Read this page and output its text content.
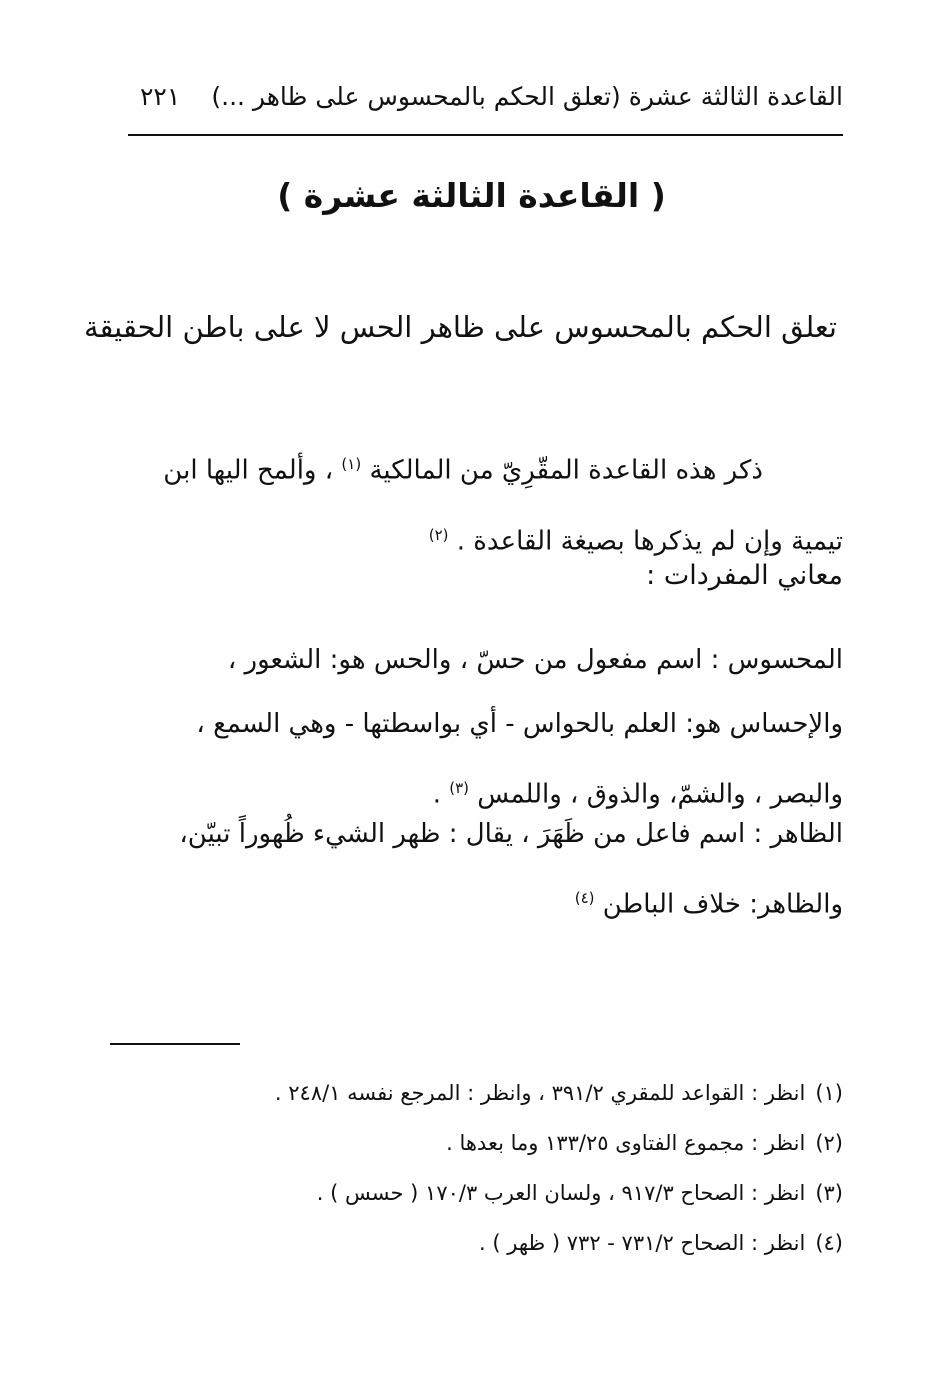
القاعدة الثالثة عشرة (تعلق الحكم بالمحسوس على ظاهر ...)
٢٢١
( القاعدة الثالثة عشرة )
تعلق الحكم بالمحسوس على ظاهر الحس لا على باطن الحقيقة
ذكر هذه القاعدة المقّرِيّ من المالكية $^{(١)}$ ، وألمح اليها ابن
تيمية وإن لم يذكرها بصيغة القاعدة . $^{(٢)}$
معاني المفردات :
المحسوس : اسم مفعول من حسّ ، والحس هو: الشعور ،
والإحساس هو: العلم بالحواس - أي بواسطتها - وهي السمع ،
والبصر ، والشمّ، والذوق ، واللمس $^{(٣)}$ .
الظاهر : اسم فاعل من ظَهَرَ ، يقال : ظهر الشيء ظُهوراً تبيّن،
والظاهر: خلاف الباطن $^{(٤)}$
(١)انظر : القواعد للمقري ٣٩١/٢ ، وانظر : المرجع نفسه ٢٤٨/١ .
(٢)انظر : مجموع الفتاوى ١٣٣/٢٥ وما بعدها .
(٣)انظر : الصحاح ٩١٧/٣ ، ولسان العرب ١٧٠/٣ ( حسس ) .
(٤)انظر : الصحاح ٧٣١/٢ - ٧٣٢ ( ظهر ) .
